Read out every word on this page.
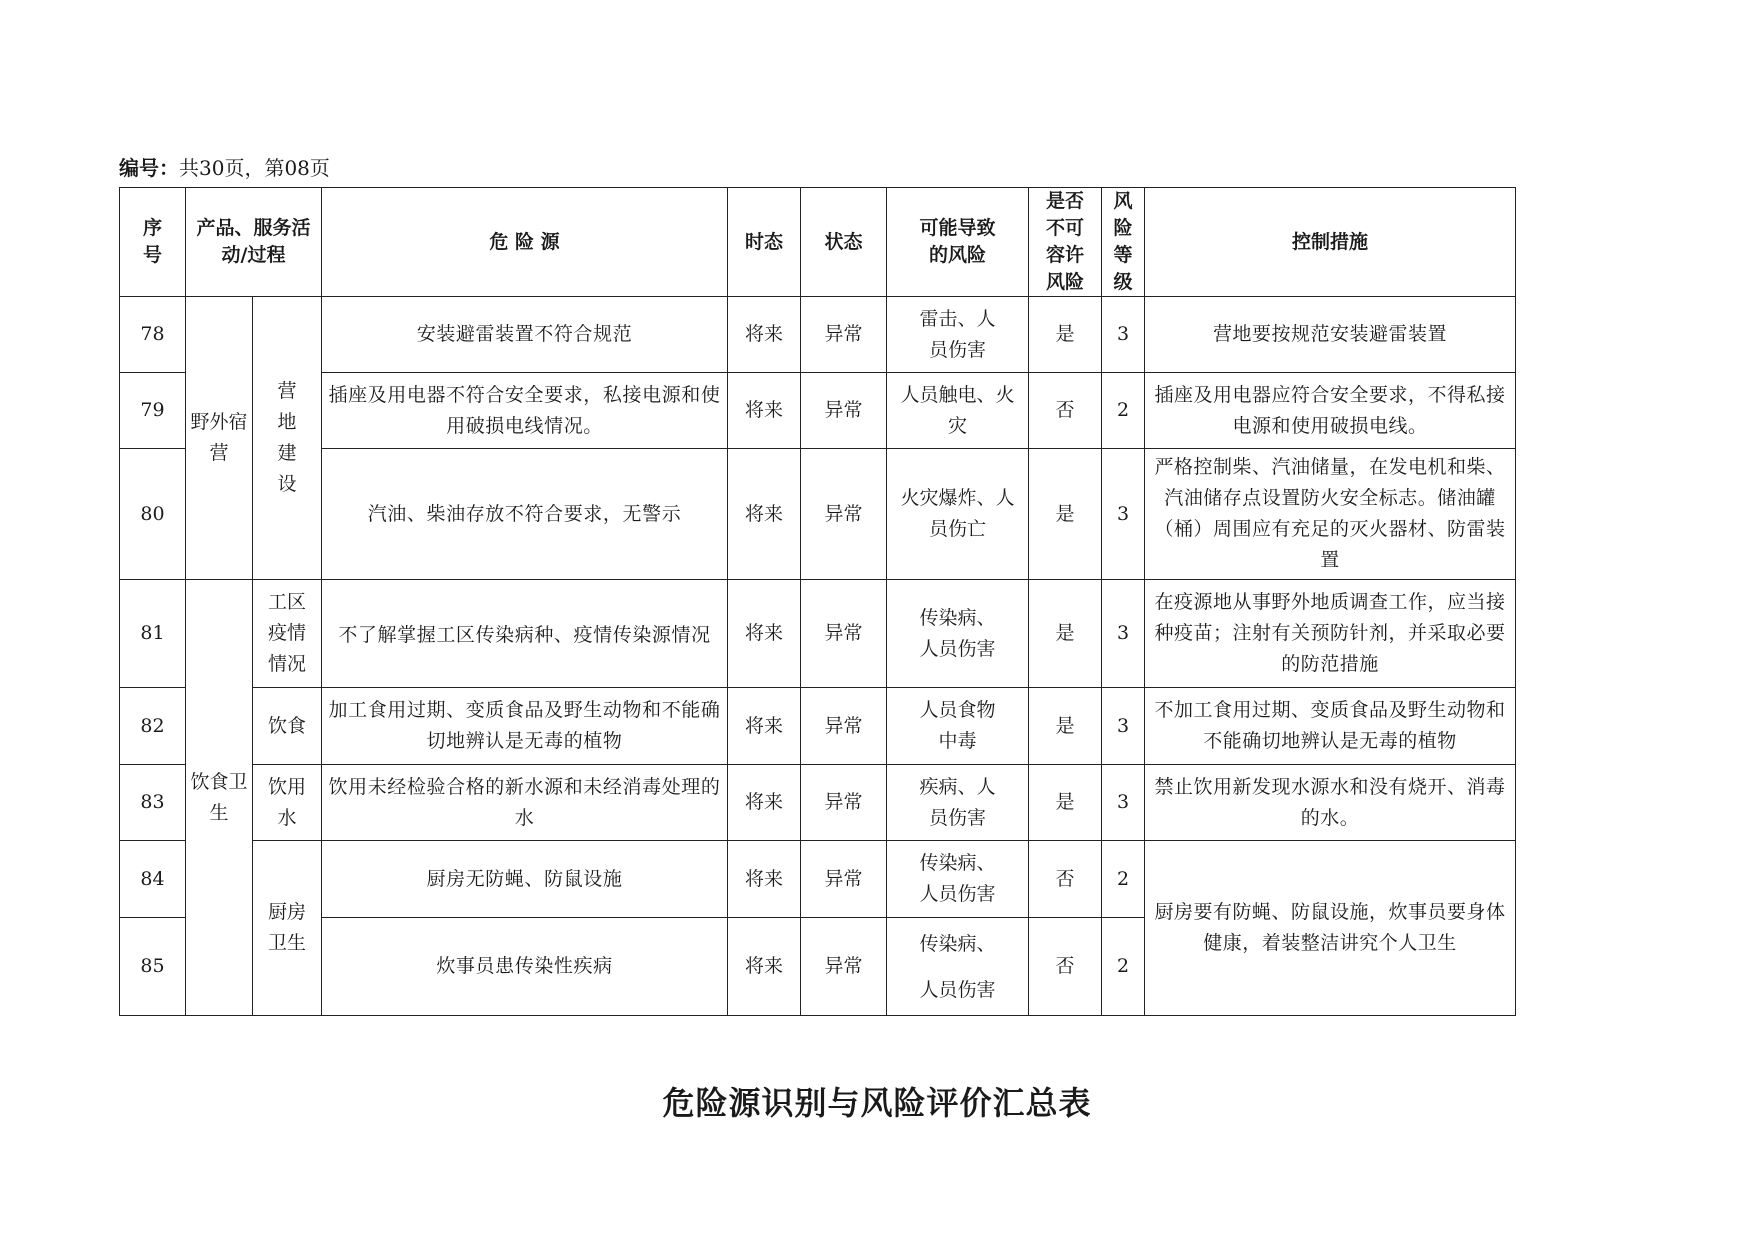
编号：共30页，第08页
序号	产品、服务活动/过程		危 险 源	时态	状态	可能导致的风险	是否不可容许风险	风险等级	控制措施
78	野外宿营	营地建设	安装避雷装置不符合规范	将来	异常	雷击、人员伤害	是	3	营地要按规范安装避雷装置
79			插座及用电器不符合安全要求，私接电源和使用破损电线情况。	将来	异常	人员触电、火灾	否	2	插座及用电器应符合安全要求，不得私接电源和使用破损电线。
80			汽油、柴油存放不符合要求，无警示	将来	异常	火灾爆炸、人员伤亡	是	3	严格控制柴、汽油储量，在发电机和柴、汽油储存点设置防火安全标志。储油罐（桶）周围应有充足的灭火器材、防雷装置
81	饮食卫生	工区疫情情况	不了解掌握工区传染病种、疫情传染源情况	将来	异常	传染病、人员伤害	是	3	在疫源地从事野外地质调查工作，应当接种疫苗；注射有关预防针剂，并采取必要的防范措施
82		饮食	加工食用过期、变质食品及野生动物和不能确切地辨认是无毒的植物	将来	异常	人员食物中毒	是	3	不加工食用过期、变质食品及野生动物和不能确切地辨认是无毒的植物
83		饮用水	饮用未经检验合格的新水源和未经消毒处理的水	将来	异常	疾病、人员伤害	是	3	禁止饮用新发现水源水和没有烧开、消毒的水。
84		厨房卫生	厨房无防蝇、防鼠设施	将来	异常	传染病、人员伤害	否	2	厨房要有防蝇、防鼠设施，炊事员要身体健康，着装整洁讲究个人卫生
85			炊事员患传染性疾病	将来	异常	传染病、人员伤害	否	2	
危险源识别与风险评价汇总表
